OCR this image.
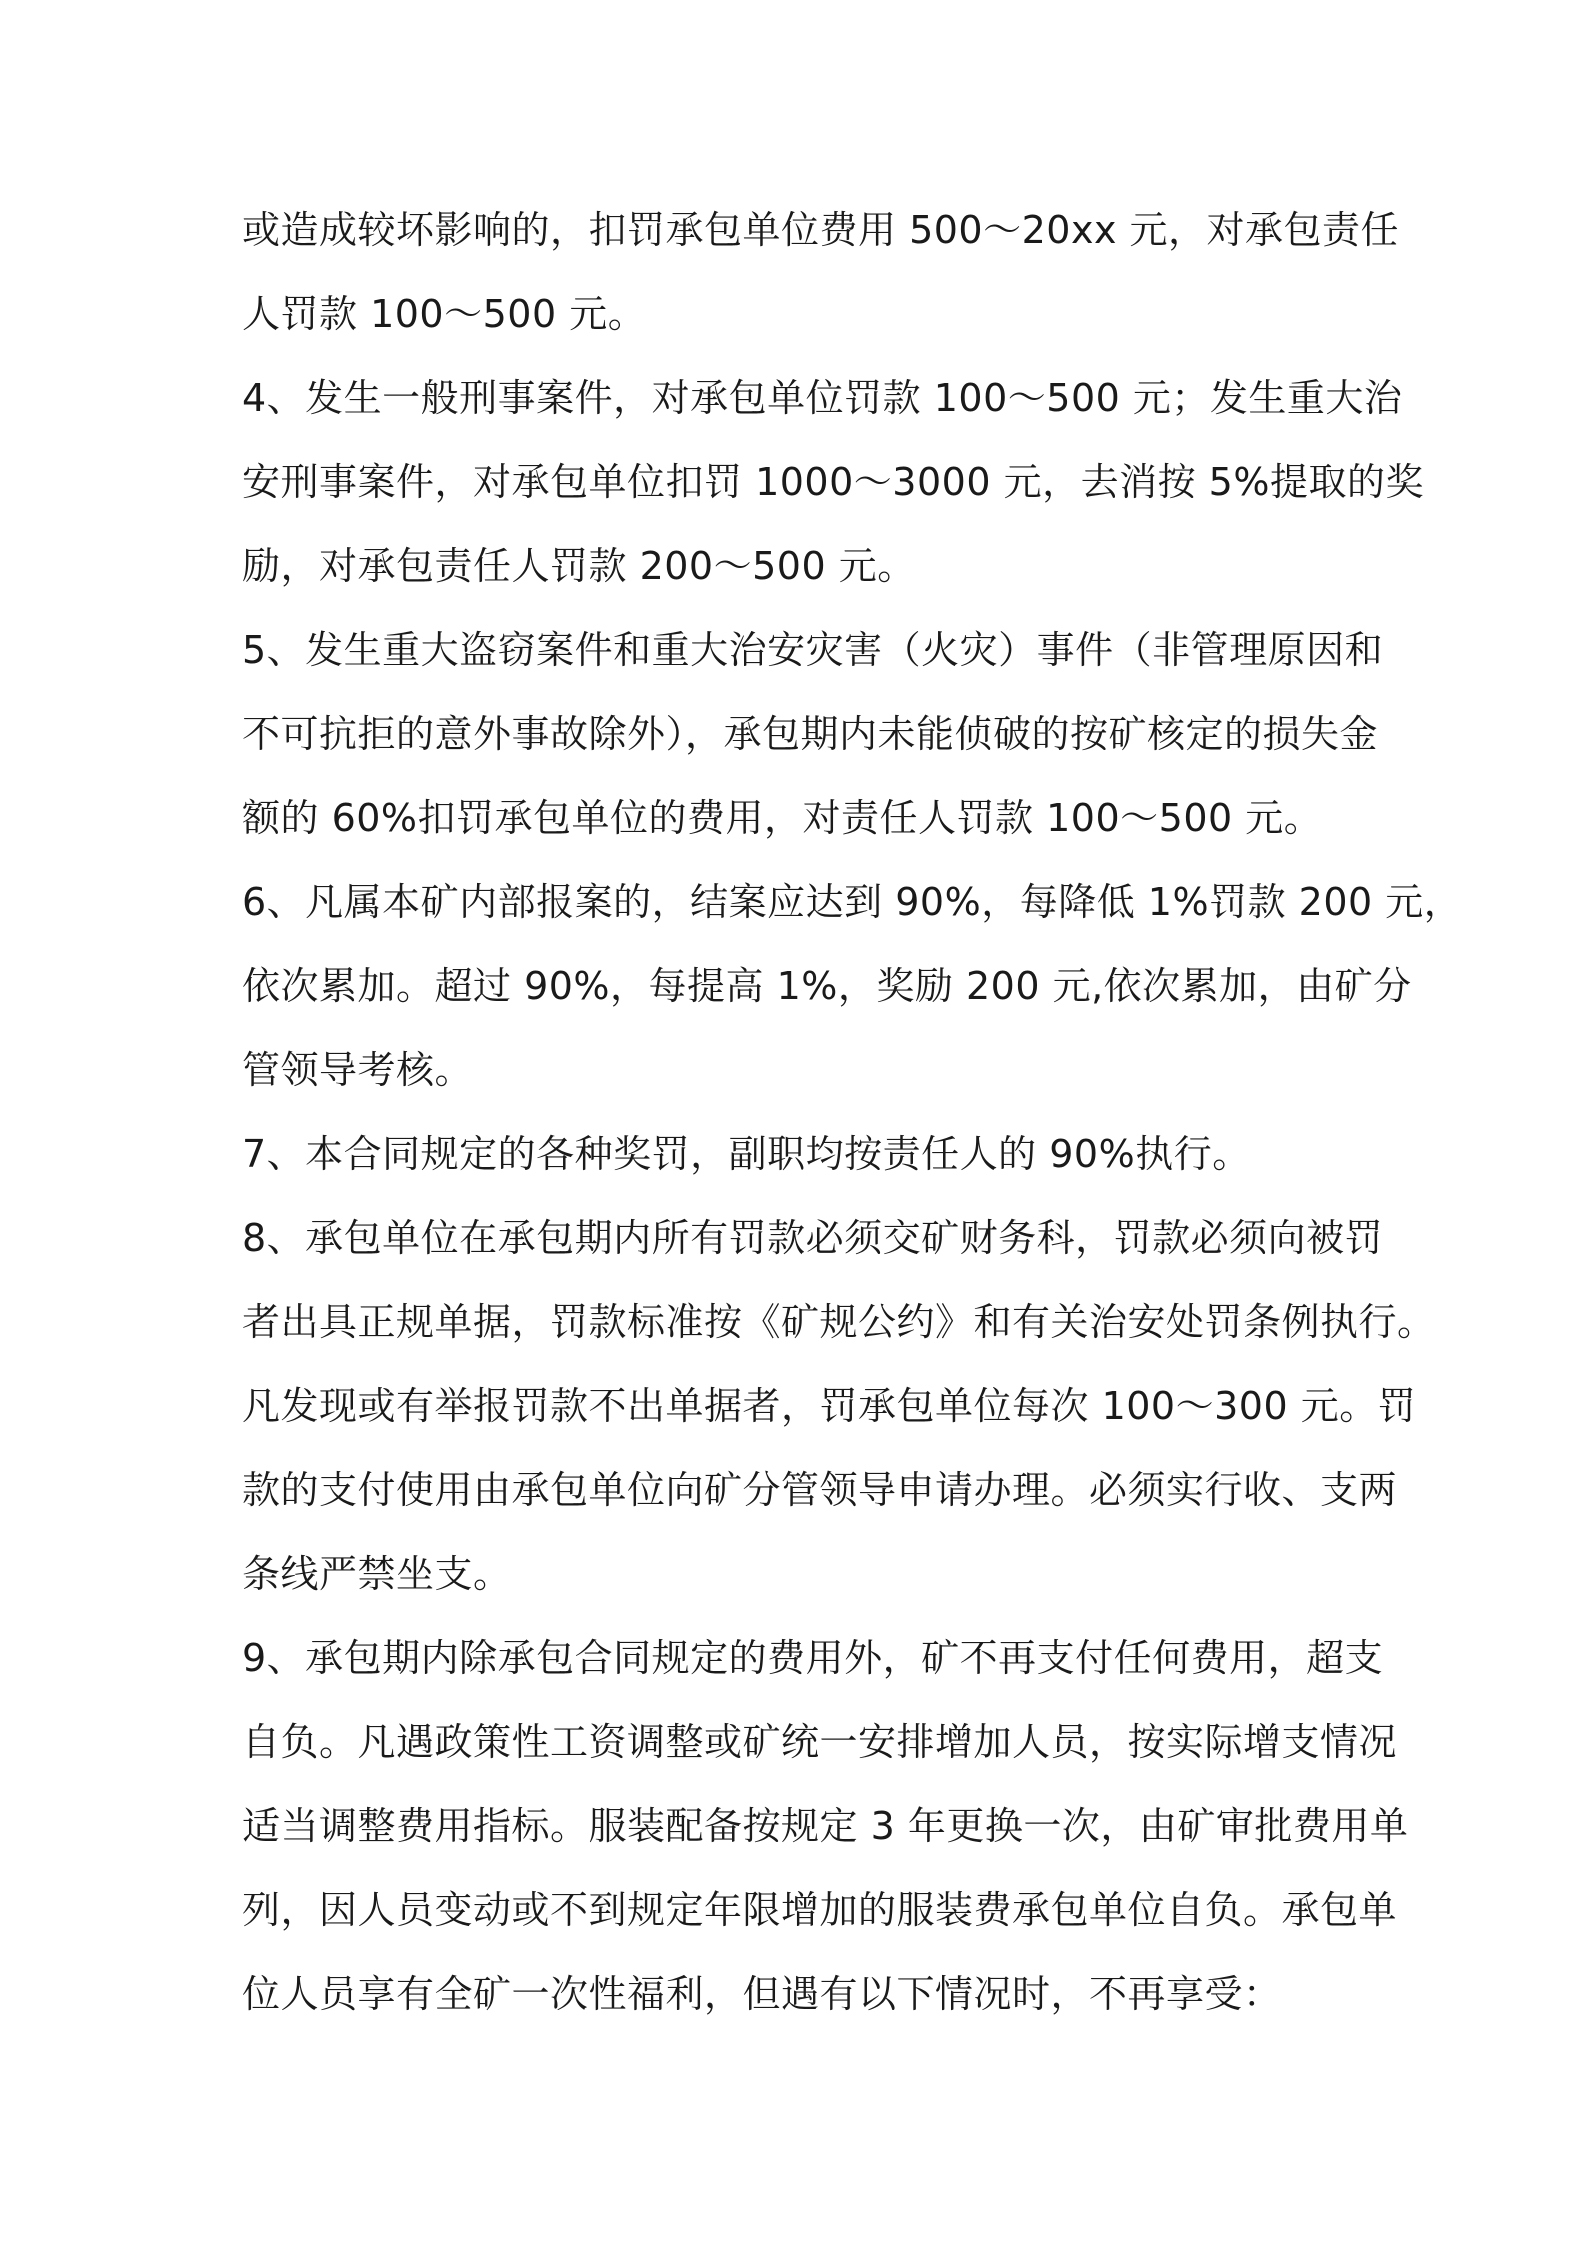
或造成较坏影响的，扣罚承包单位费用 500～20xx 元，对承包责任
人罚款 100～500 元。
4、发生一般刑事案件，对承包单位罚款 100～500 元；发生重大治
安刑事案件，对承包单位扣罚 1000～3000 元，去消按 5%提取的奖
励，对承包责任人罚款 200～500 元。
5、发生重大盗窃案件和重大治安灾害（火灾）事件（非管理原因和
不可抗拒的意外事故除外），承包期内未能侦破的按矿核定的损失金
额的 60%扣罚承包单位的费用，对责任人罚款 100～500 元。
6、凡属本矿内部报案的，结案应达到 90%，每降低 1%罚款 200 元，
依次累加。超过 90%，每提高 1%，奖励 200 元,依次累加，由矿分
管领导考核。
7、本合同规定的各种奖罚，副职均按责任人的 90%执行。
8、承包单位在承包期内所有罚款必须交矿财务科，罚款必须向被罚
者出具正规单据，罚款标准按《矿规公约》和有关治安处罚条例执行。
凡发现或有举报罚款不出单据者，罚承包单位每次 100～300 元。罚
款的支付使用由承包单位向矿分管领导申请办理。必须实行收、支两
条线严禁坐支。
9、承包期内除承包合同规定的费用外，矿不再支付任何费用，超支
自负。凡遇政策性工资调整或矿统一安排增加人员，按实际增支情况
适当调整费用指标。服装配备按规定 3 年更换一次，由矿审批费用单
列，因人员变动或不到规定年限增加的服装费承包单位自负。承包单
位人员享有全矿一次性福利，但遇有以下情况时，不再享受：
